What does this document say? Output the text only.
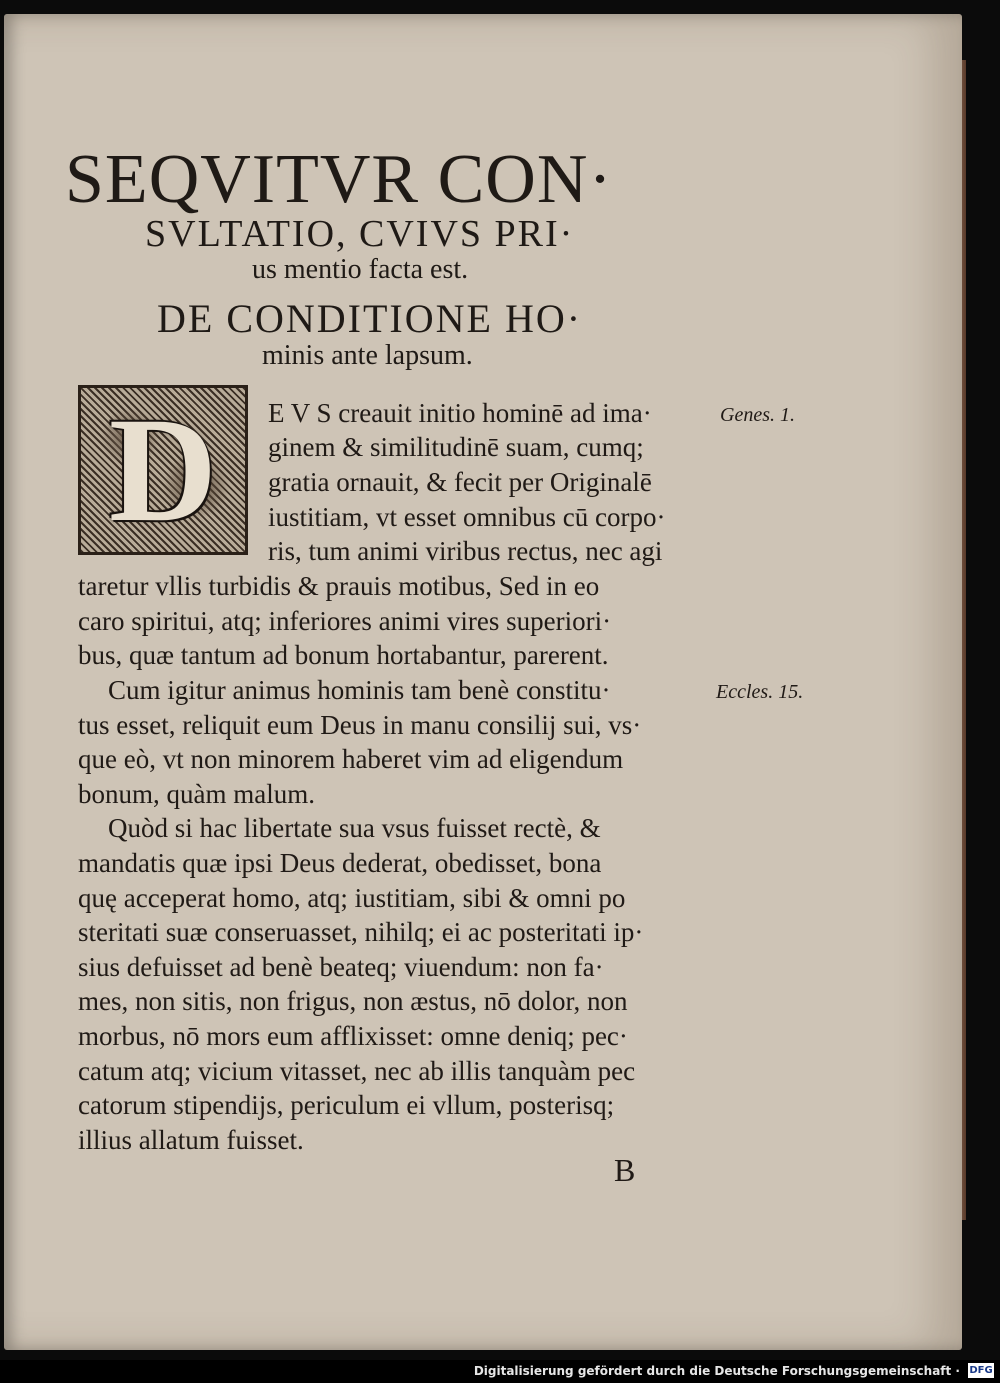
SEQVITVR CON·
SVLTATIO, CVIVS PRI·
us mentio facta est.
DE CONDITIONE HO·
minis ante lapsum.
D E V S creauit initio hominē ad ima·
ginem & similitudinē suam, cumq;
gratia ornauit, & fecit per Originalē
iustitiam, vt esset omnibus cū corpo·
ris, tum animi viribus rectus, nec agi
taretur vllis turbidis & prauis motibus, Sed in eo
caro spiritui, atq; inferiores animi vires superiori·
bus, quæ tantum ad bonum hortabantur, parerent.
Cum igitur animus hominis tam benè constitu·
tus esset, reliquit eum Deus in manu consilij sui, vs·
que eò, vt non minorem haberet vim ad eligendum
bonum, quàm malum.
Quòd si hac libertate sua vsus fuisset rectè, &
mandatis quæ ipsi Deus dederat, obedisset, bona
quę acceperat homo, atq; iustitiam, sibi & omni po
steritati suæ conseruasset, nihilq; ei ac posteritati ip·
sius defuisset ad benè beateq; viuendum: non fa·
mes, non sitis, non frigus, non æstus, nō dolor, non
morbus, nō mors eum afflixisset: omne deniq; pec·
catum atq; vicium vitasset, nec ab illis tanquàm pec
catorum stipendijs, periculum ei vllum, posterisq;
illius allatum fuisset.
Genes. 1.
Eccles. 15.
B
Digitalisierung gefördert durch die Deutsche Forschungsgemeinschaft · DFG
